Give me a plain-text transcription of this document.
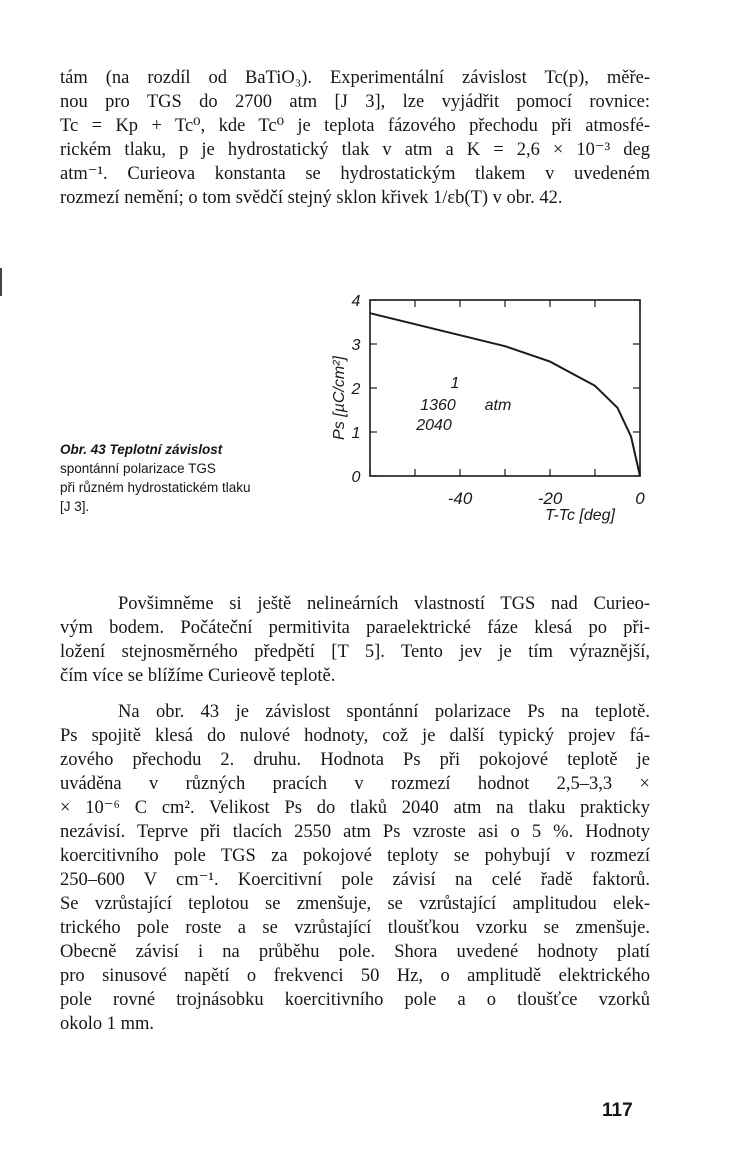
tám (na rozdíl od BaTiO₃). Experimentální závislost Tc(p), měře-
nou pro TGS do 2700 atm [J 3], lze vyjádřit pomocí rovnice:
Tc = Kp + Tc⁰, kde Tc⁰ je teplota fázového přechodu při atmosfé-
rickém tlaku, p je hydrostatický tlak v atm a K = 2,6 × 10⁻³ deg
atm⁻¹. Curieova konstanta se hydrostatickým tlakem v uvedeném
rozmezí nemění; o tom svědčí stejný sklon křivek 1/εb(T) v obr. 42.
0
1
2
3
4
-40	-20	0
T-Tc [deg]
Ps [µC/cm²]	1
1360 atm
2040
Obr. 43 Teplotní závislost
spontánní polarizace TGS
při různém hydrostatickém tlaku
[J 3].
Povšimněme si ještě nelineárních vlastností TGS nad Curieo-
vým bodem. Počáteční permitivita paraelektrické fáze klesá po při-
ložení stejnosměrného předpětí [T 5]. Tento jev je tím výraznější,
čím více se blížíme Curieově teplotě.
Na obr. 43 je závislost spontánní polarizace Ps na teplotě.
Ps spojitě klesá do nulové hodnoty, což je další typický projev fá-
zového přechodu 2. druhu. Hodnota Ps při pokojové teplotě je
uváděna v různých pracích v rozmezí hodnot 2,5–3,3 ×
× 10⁻⁶ C cm². Velikost Ps do tlaků 2040 atm na tlaku prakticky
nezávisí. Teprve při tlacích 2550 atm Ps vzroste asi o 5 %. Hodnoty
koercitivního pole TGS za pokojové teploty se pohybují v rozmezí
250–600 V cm⁻¹. Koercitivní pole závisí na celé řadě faktorů.
Se vzrůstající teplotou se zmenšuje, se vzrůstající amplitudou elek-
trického pole roste a se vzrůstající tloušťkou vzorku se zmenšuje.
Obecně závisí i na průběhu pole. Shora uvedené hodnoty platí
pro sinusové napětí o frekvenci 50 Hz, o amplitudě elektrického
pole rovné trojnásobku koercitivního pole a o tloušťce vzorků
okolo 1 mm.
117
